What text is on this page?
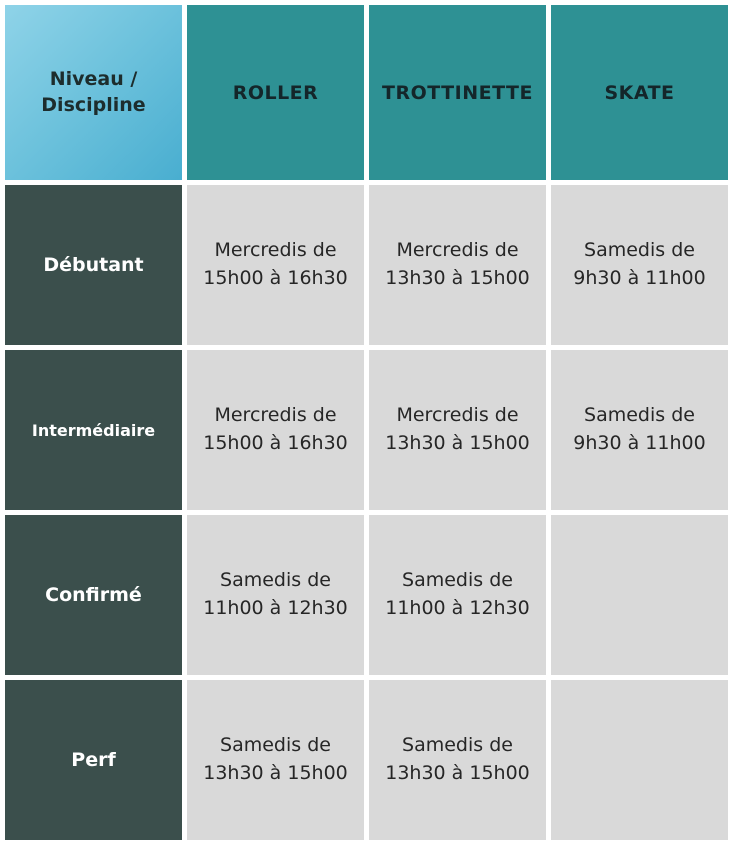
Niveau /
Discipline	ROLLER	TROTTINETTE	SKATE
Débutant	Mercredis de 15h00 à 16h30	Mercredis de 13h30 à 15h00	Samedis de 9h30 à 11h00
Intermédiaire	Mercredis de 15h00 à 16h30	Mercredis de 13h30 à 15h00	Samedis de 9h30 à 11h00
Confirmé	Samedis de 11h00 à 12h30	Samedis de 11h00 à 12h30	
Perf	Samedis de 13h30 à 15h00	Samedis de 13h30 à 15h00	
